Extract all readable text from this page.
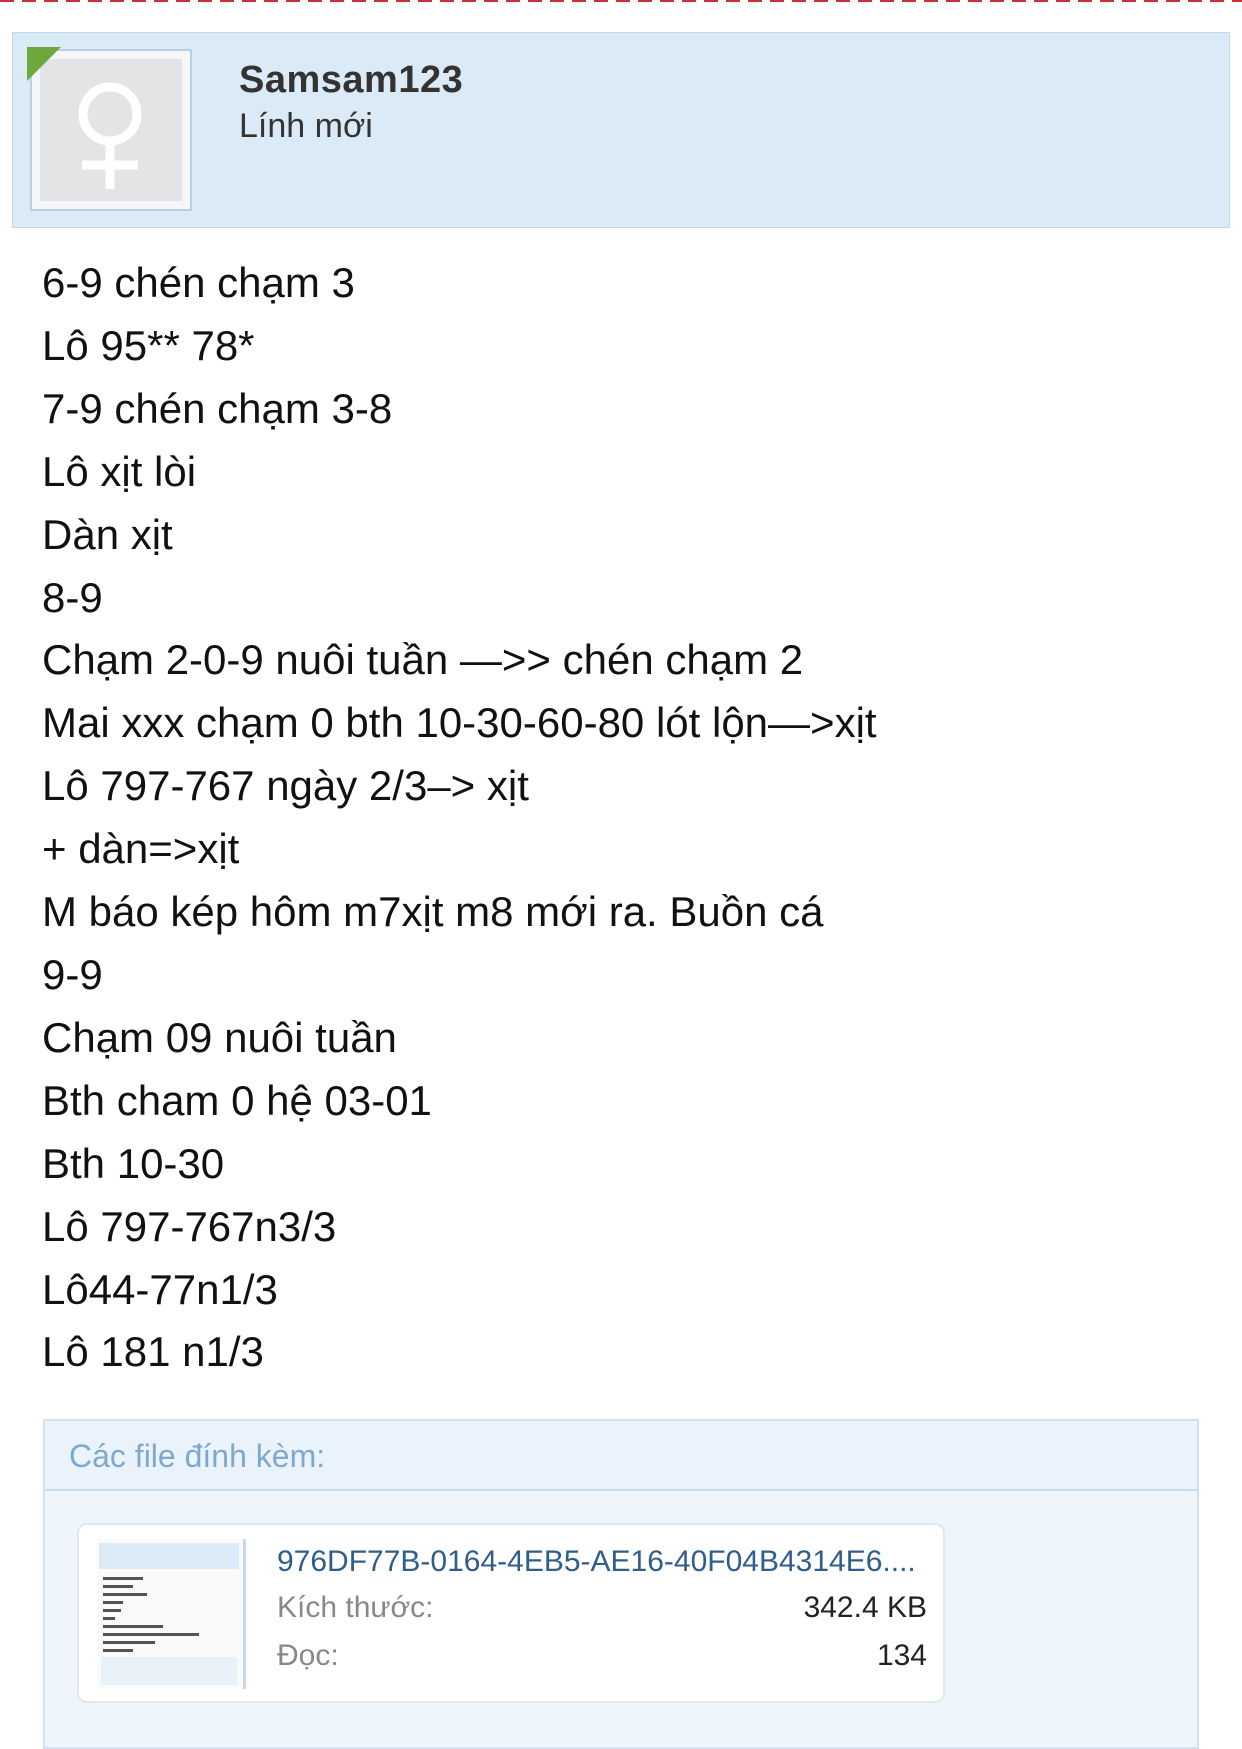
Samsam123
Lính mới
6-9 chén chạm 3
Lô 95** 78*
7-9 chén chạm 3-8
Lô xịt lòi
Dàn xịt
8-9
Chạm 2-0-9 nuôi tuần —>> chén chạm 2
Mai xxx chạm 0 bth 10-30-60-80 lót lộn—>xịt
Lô 797-767 ngày 2/3–> xịt
+ dàn=>xịt
M báo kép hôm m7xịt m8 mới ra. Buồn cá
9-9
Chạm 09 nuôi tuần
Bth cham 0 hệ 03-01
Bth 10-30
Lô 797-767n3/3
Lô44-77n1/3
Lô 181 n1/3
Các file đính kèm:
976DF77B-0164-4EB5-AE16-40F04B4314E6....
Kích thước:	342.4 KB
Đọc:	134
